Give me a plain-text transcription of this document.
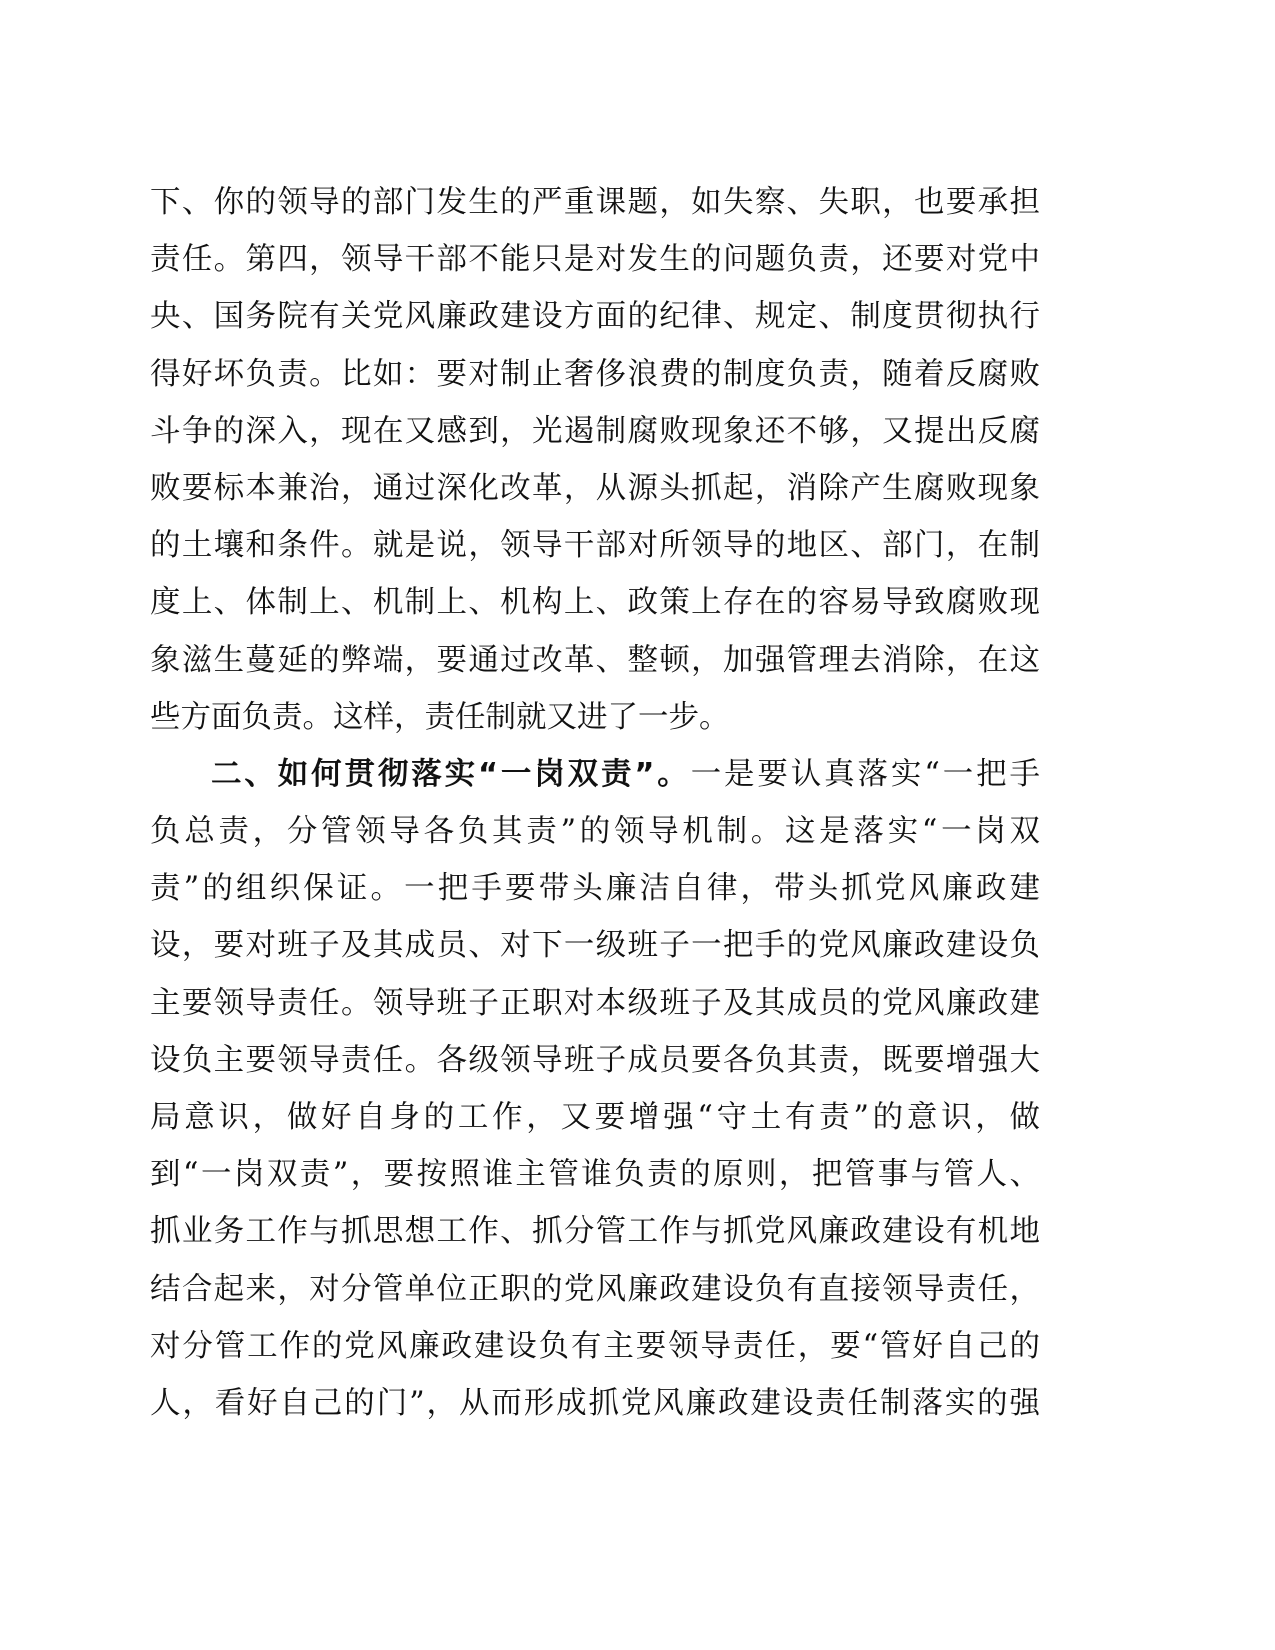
下、你的领导的部门发生的严重课题，如失察、失职，也要承担
责任。第四，领导干部不能只是对发生的问题负责，还要对党中
央、国务院有关党风廉政建设方面的纪律、规定、制度贯彻执行
得好坏负责。比如：要对制止奢侈浪费的制度负责，随着反腐败
斗争的深入，现在又感到，光遏制腐败现象还不够，又提出反腐
败要标本兼治，通过深化改革，从源头抓起，消除产生腐败现象
的土壤和条件。就是说，领导干部对所领导的地区、部门，在制
度上、体制上、机制上、机构上、政策上存在的容易导致腐败现
象滋生蔓延的弊端，要通过改革、整顿，加强管理去消除，在这
些方面负责。这样，责任制就又进了一步。
二、如何贯彻落实“一岗双责”。一是要认真落实“一把手
负总责，分管领导各负其责”的领导机制。这是落实“一岗双
责”的组织保证。一把手要带头廉洁自律，带头抓党风廉政建
设，要对班子及其成员、对下一级班子一把手的党风廉政建设负
主要领导责任。领导班子正职对本级班子及其成员的党风廉政建
设负主要领导责任。各级领导班子成员要各负其责，既要增强大
局意识，做好自身的工作，又要增强“守土有责”的意识，做
到“一岗双责”，要按照谁主管谁负责的原则，把管事与管人、
抓业务工作与抓思想工作、抓分管工作与抓党风廉政建设有机地
结合起来，对分管单位正职的党风廉政建设负有直接领导责任，
对分管工作的党风廉政建设负有主要领导责任，要“管好自己的
人，看好自己的门”，从而形成抓党风廉政建设责任制落实的强
